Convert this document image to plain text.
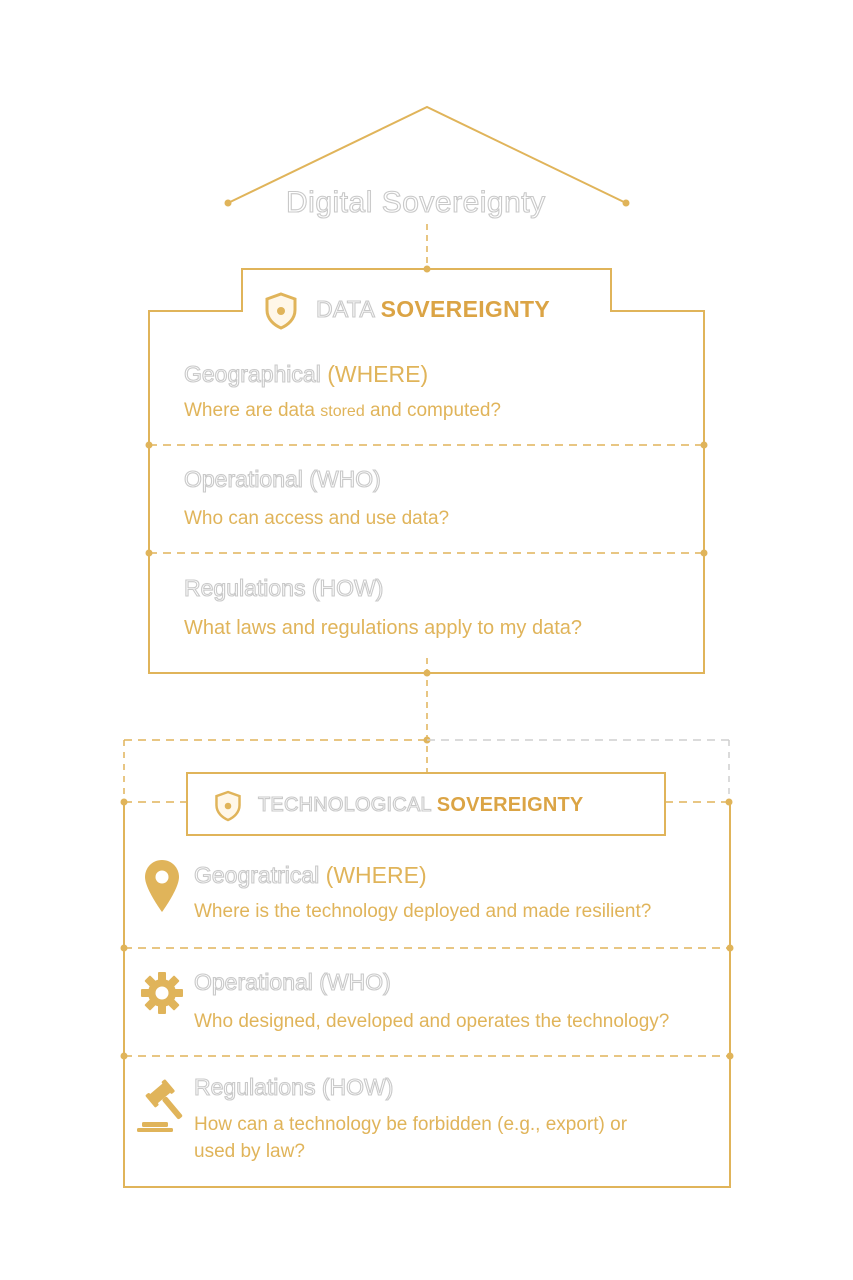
Digital Sovereignty
DATA SOVEREIGNTY
Geographical (WHERE)
Where are data stored and computed?
Operational (WHO)
Who can access and use data?
Regulations (HOW)
What laws and regulations apply to my data?
TECHNOLOGICAL SOVEREIGNTY
Geogratrical (WHERE)
Where is the technology deployed and made resilient?
Operational (WHO)
Who designed, developed and operates the technology?
Regulations (HOW)
How can a technology be forbidden (e.g., export) or
used by law?
